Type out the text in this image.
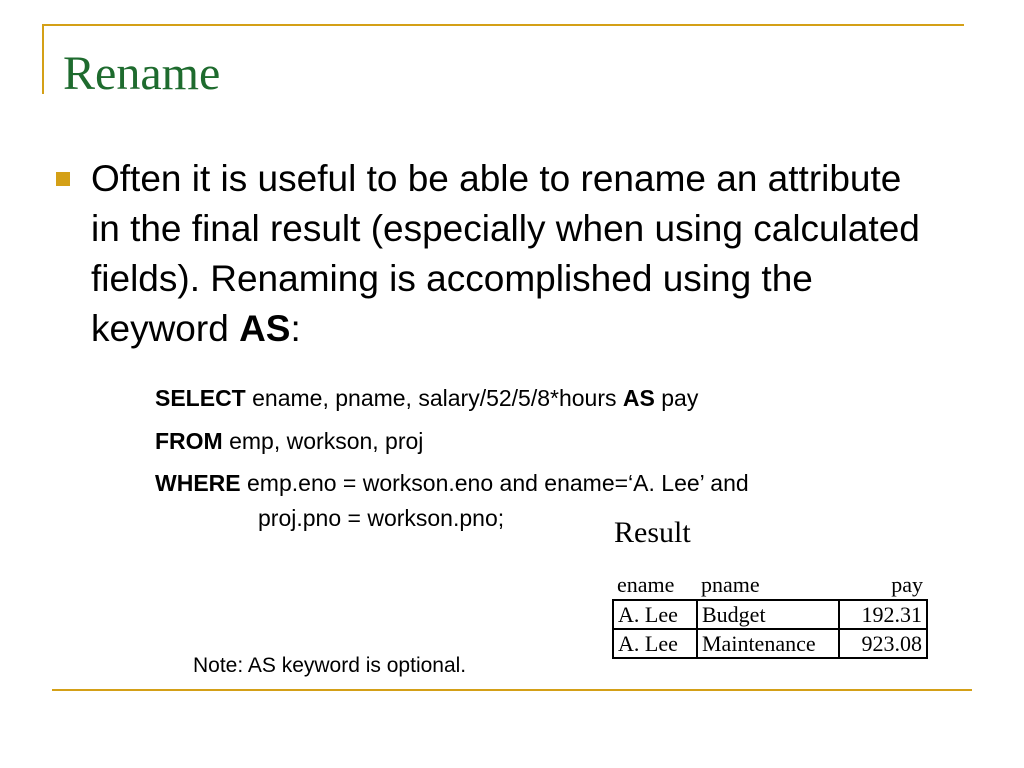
Rename

Often it is useful to be able to rename an attribute in the final result (especially when using calculated fields). Renaming is accomplished using the keyword AS:

SELECT ename, pname, salary/52/5/8*hours AS pay
FROM emp, workson, proj
WHERE emp.eno = workson.eno and ename=‘A. Lee’ and
proj.pno = workson.pno;	Result
ename	pname	pay
A. Lee	Budget	192.31
A. Lee	Maintenance	923.08
Note: AS keyword is optional.
